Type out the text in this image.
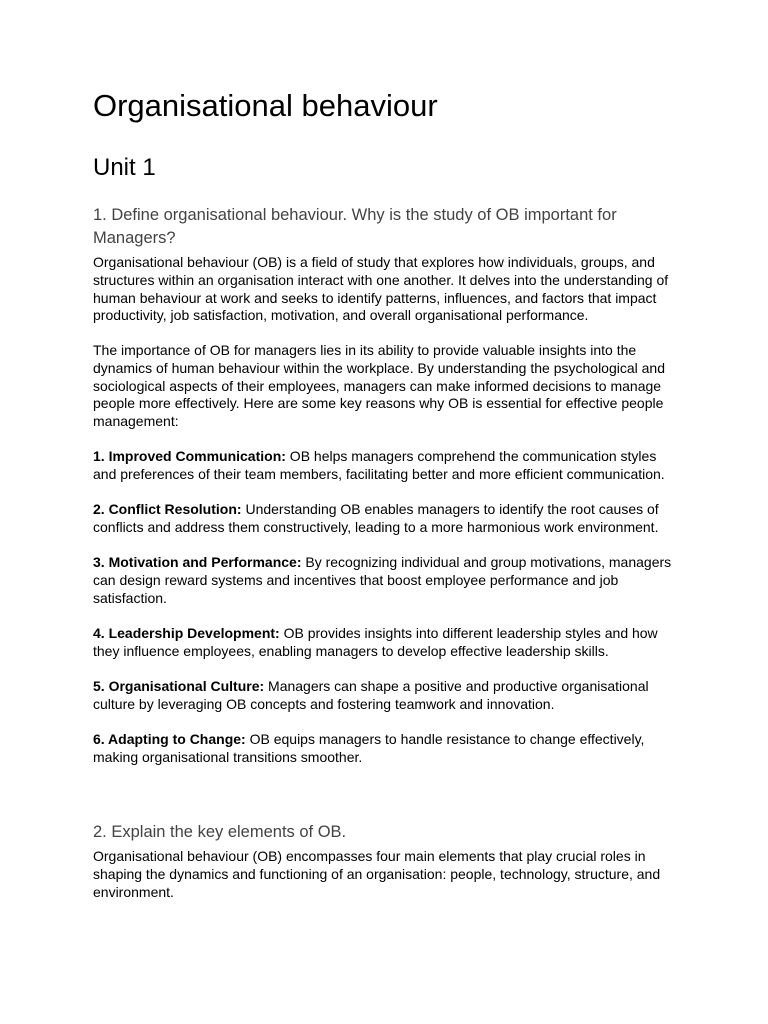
Organisational behaviour
Unit 1
1. Define organisational behaviour. Why is the study of OB important for Managers?

Organisational behaviour (OB) is a field of study that explores how individuals, groups, and structures within an organisation interact with one another. It delves into the understanding of human behaviour at work and seeks to identify patterns, influences, and factors that impact productivity, job satisfaction, motivation, and overall organisational performance.

The importance of OB for managers lies in its ability to provide valuable insights into the dynamics of human behaviour within the workplace. By understanding the psychological and sociological aspects of their employees, managers can make informed decisions to manage people more effectively. Here are some key reasons why OB is essential for effective people management:

1. Improved Communication: OB helps managers comprehend the communication styles and preferences of their team members, facilitating better and more efficient communication.

2. Conflict Resolution: Understanding OB enables managers to identify the root causes of conflicts and address them constructively, leading to a more harmonious work environment.

3. Motivation and Performance: By recognizing individual and group motivations, managers can design reward systems and incentives that boost employee performance and job satisfaction.

4. Leadership Development: OB provides insights into different leadership styles and how they influence employees, enabling managers to develop effective leadership skills.

5. Organisational Culture: Managers can shape a positive and productive organisational culture by leveraging OB concepts and fostering teamwork and innovation.

6. Adapting to Change: OB equips managers to handle resistance to change effectively, making organisational transitions smoother.

2. Explain the key elements of OB.

Organisational behaviour (OB) encompasses four main elements that play crucial roles in shaping the dynamics and functioning of an organisation: people, technology, structure, and environment.
